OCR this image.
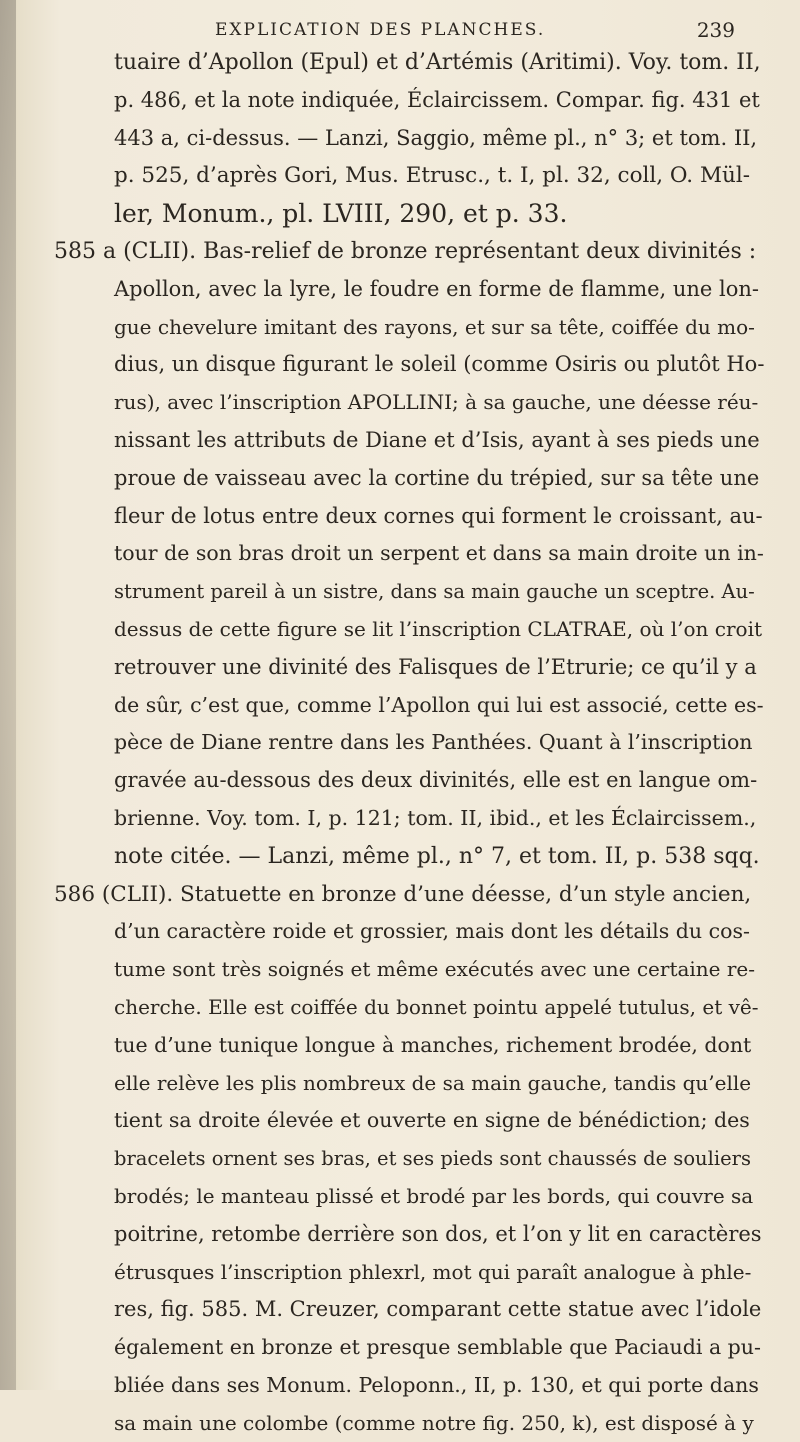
EXPLICATION DES PLANCHES.	239
tuaire d’Apollon (Epul) et d’Artémis (Aritimi). Voy. tom. II,
p. 486, et la note indiquée, Éclaircissem. Compar. fig. 431 et
443 a, ci-dessus. — Lanzi, Saggio, même pl., n° 3; et tom. II,
p. 525, d’après Gori, Mus. Etrusc., t. I, pl. 32, coll, O. Mül-
ler, Monum., pl. LVIII, 290, et p. 33.
585 a (CLII). Bas-relief de bronze représentant deux divinités :
Apollon, avec la lyre, le foudre en forme de flamme, une lon-
gue chevelure imitant des rayons, et sur sa tête, coiffée du mo-
dius, un disque figurant le soleil (comme Osiris ou plutôt Ho-
rus), avec l’inscription APOLLINI; à sa gauche, une déesse réu-
nissant les attributs de Diane et d’Isis, ayant à ses pieds une
proue de vaisseau avec la cortine du trépied, sur sa tête une
fleur de lotus entre deux cornes qui forment le croissant, au-
tour de son bras droit un serpent et dans sa main droite un in-
strument pareil à un sistre, dans sa main gauche un sceptre. Au-
dessus de cette figure se lit l’inscription CLATRAE, où l’on croit
retrouver une divinité des Falisques de l’Etrurie; ce qu’il y a
de sûr, c’est que, comme l’Apollon qui lui est associé, cette es-
pèce de Diane rentre dans les Panthées. Quant à l’inscription
gravée au-dessous des deux divinités, elle est en langue om-
brienne. Voy. tom. I, p. 121; tom. II, ibid., et les Éclaircissem.,
note citée. — Lanzi, même pl., n° 7, et tom. II, p. 538 sqq.
586 (CLII). Statuette en bronze d’une déesse, d’un style ancien,
d’un caractère roide et grossier, mais dont les détails du cos-
tume sont très soignés et même exécutés avec une certaine re-
cherche. Elle est coiffée du bonnet pointu appelé tutulus, et vê-
tue d’une tunique longue à manches, richement brodée, dont
elle relève les plis nombreux de sa main gauche, tandis qu’elle
tient sa droite élevée et ouverte en signe de bénédiction; des
bracelets ornent ses bras, et ses pieds sont chaussés de souliers
brodés; le manteau plissé et brodé par les bords, qui couvre sa
poitrine, retombe derrière son dos, et l’on y lit en caractères
étrusques l’inscription phlexrl, mot qui paraît analogue à phle-
res, fig. 585. M. Creuzer, comparant cette statue avec l’idole
également en bronze et presque semblable que Paciaudi a pu-
bliée dans ses Monum. Peloponn., II, p. 130, et qui porte dans
sa main une colombe (comme notre fig. 250, k), est disposé à y
